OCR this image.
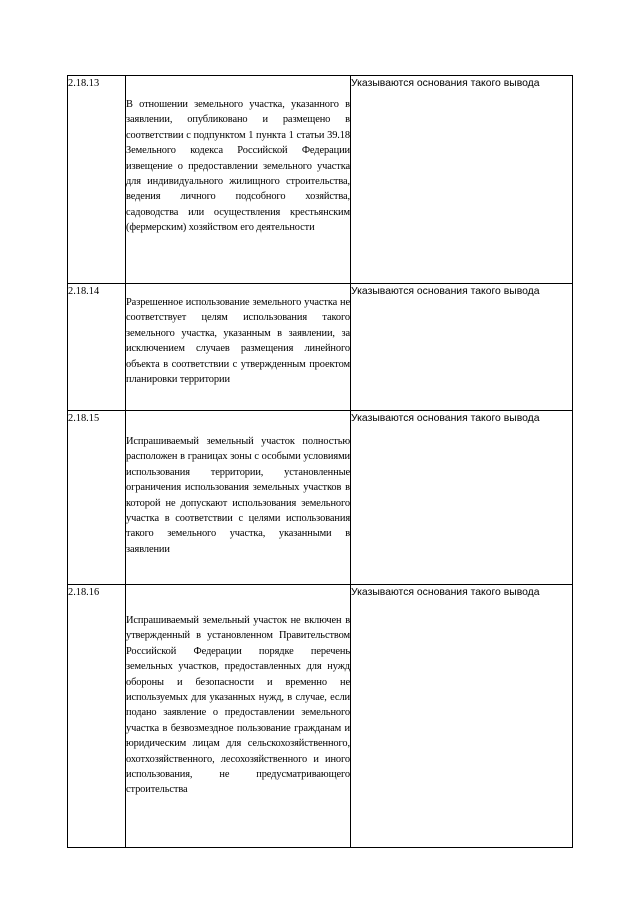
2.18.13	В отношении земельного участка, указанного в заявлении, опубликовано и размещено в соответствии с подпунктом 1 пункта 1 статьи 39.18 Земельного кодекса Российской Федерации извещение о предоставлении земельного участка для индивидуального жилищного строительства, ведения личного подсобного хозяйства, садоводства или осуществления крестьянским (фермерским) хозяйством его деятельности	Указываются основания такого вывода
2.18.14	Разрешенное использование земельного участка не соответствует целям использования такого земельного участка, указанным в заявлении, за исключением случаев размещения линейного объекта в соответствии с утвержденным проектом планировки территории	Указываются основания такого вывода
2.18.15	Испрашиваемый земельный участок полностью расположен в границах зоны с особыми условиями использования территории, установленные ограничения использования земельных участков в которой не допускают использования земельного участка в соответствии с целями использования такого земельного участка, указанными в заявлении	Указываются основания такого вывода
2.18.16	Испрашиваемый земельный участок не включен в утвержденный в установленном Правительством Российской Федерации порядке перечень земельных участков, предоставленных для нужд обороны и безопасности и временно не используемых для указанных нужд, в случае, если подано заявление о предоставлении земельного участка в безвозмездное пользование гражданам и юридическим лицам для сельскохозяйственного, охотхозяйственного, лесохозяйственного и иного использования, не предусматривающего строительства	Указываются основания такого вывода
